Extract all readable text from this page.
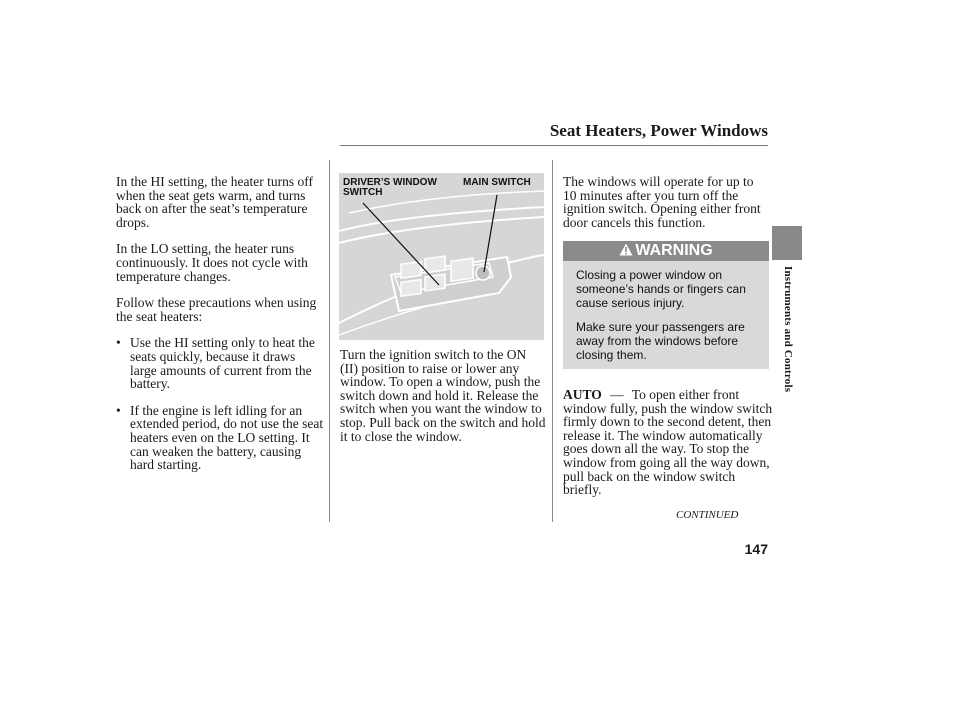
Seat Heaters, Power Windows
Instruments and Controls

In the HI setting, the heater turns off when the seat gets warm, and turns back on after the seat’s temperature drops.

In the LO setting, the heater runs continuously. It does not cycle with temperature changes.

Follow these precautions when using the seat heaters:

• Use the HI setting only to heat the seats quickly, because it draws large amounts of current from the battery.
• If the engine is left idling for an extended period, do not use the seat heaters even on the LO setting. It can weaken the battery, causing hard starting.
DRIVER’S WINDOW
SWITCH
MAIN SWITCH

Turn the ignition switch to the ON (II) position to raise or lower any window. To open a window, push the switch down and hold it. Release the switch when you want the window to stop. Pull back on the switch and hold it to close the window.

The windows will operate for up to 10 minutes after you turn off the ignition switch. Opening either front door cancels this function.

WARNING
Closing a power window on someone’s hands or fingers can cause serious injury.
Make sure your passengers are away from the windows before closing them.

AUTO — To open either front window fully, push the window switch firmly down to the second detent, then release it. The window automatically goes down all the way. To stop the window from going all the way down, pull back on the window switch briefly.

CONTINUED
147
